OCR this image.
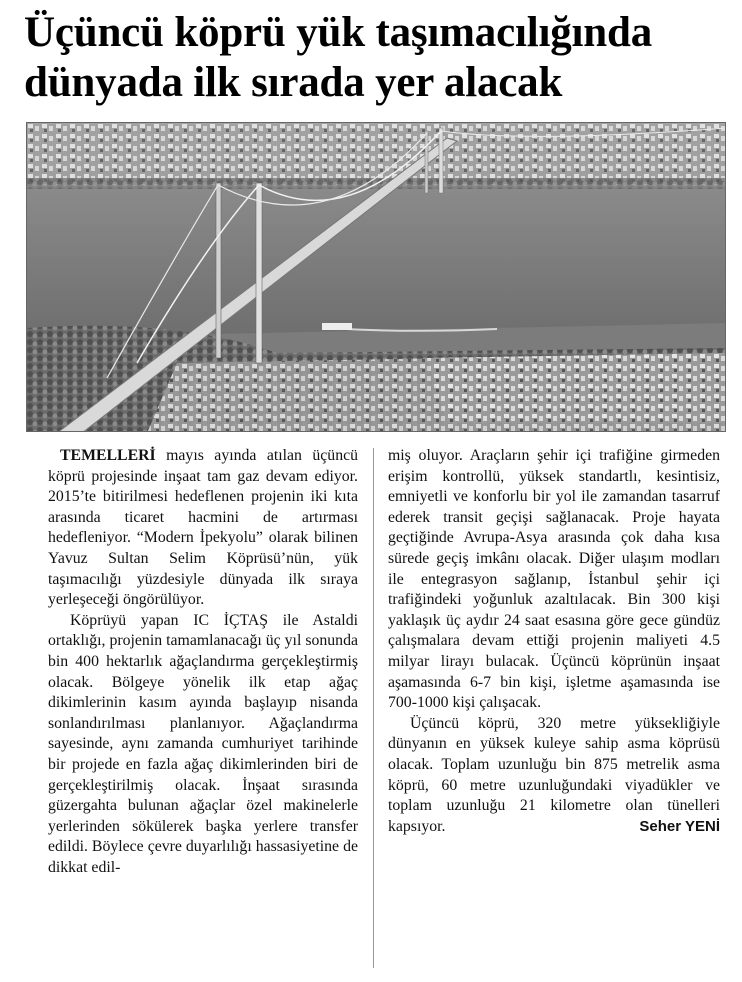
Üçüncü köprü yük taşımacılığında dünyada ilk sırada yer alacak

TEMELLERİ mayıs ayında atılan üçüncü köprü projesinde inşaat tam gaz devam ediyor. 2015’te bitirilmesi hedeflenen projenin iki kıta arasında ticaret hacmini de artırması hedefleniyor. “Modern İpekyolu” olarak bilinen Yavuz Sultan Selim Köprüsü’nün, yük taşımacılığı yüzdesiyle dünyada ilk sıraya yerleşeceği öngörülüyor.

Köprüyü yapan IC İÇTAŞ ile Astaldi ortaklığı, projenin tamamlanacağı üç yıl sonunda bin 400 hektarlık ağaçlandırma gerçekleştirmiş olacak. Bölgeye yönelik ilk etap ağaç dikimlerinin kasım ayında başlayıp nisanda sonlandırılması planlanıyor. Ağaçlandırma sayesinde, aynı zamanda cumhuriyet tarihinde bir projede en fazla ağaç dikimlerinden biri de gerçekleştirilmiş olacak. İnşaat sırasında güzergahta bulunan ağaçlar özel makinelerle yerlerinden sökülerek başka yerlere transfer edildi. Böylece çevre duyarlılığı hassasiyetine de dikkat edil-

miş oluyor. Araçların şehir içi trafiğine girmeden erişim kontrollü, yüksek standartlı, kesintisiz, emniyetli ve konforlu bir yol ile zamandan tasarruf ederek transit geçişi sağlanacak. Proje hayata geçtiğinde Avrupa-Asya arasında çok daha kısa sürede geçiş imkânı olacak. Diğer ulaşım modları ile entegrasyon sağlanıp, İstanbul şehir içi trafiğindeki yoğunluk azaltılacak. Bin 300 kişi yaklaşık üç aydır 24 saat esasına göre gece gündüz çalışmalara devam ettiği projenin maliyeti 4.5 milyar lirayı bulacak. Üçüncü köprünün inşaat aşamasında 6-7 bin kişi, işletme aşamasında ise 700-1000 kişi çalışacak.

Üçüncü köprü, 320 metre yüksekliğiyle dünyanın en yüksek kuleye sahip asma köprüsü olacak. Toplam uzunluğu bin 875 metrelik asma köprü, 60 metre uzunluğundaki viyadükler ve toplam uzunluğu 21 kilometre olan tünelleri kapsıyor.	Seher YENİ
